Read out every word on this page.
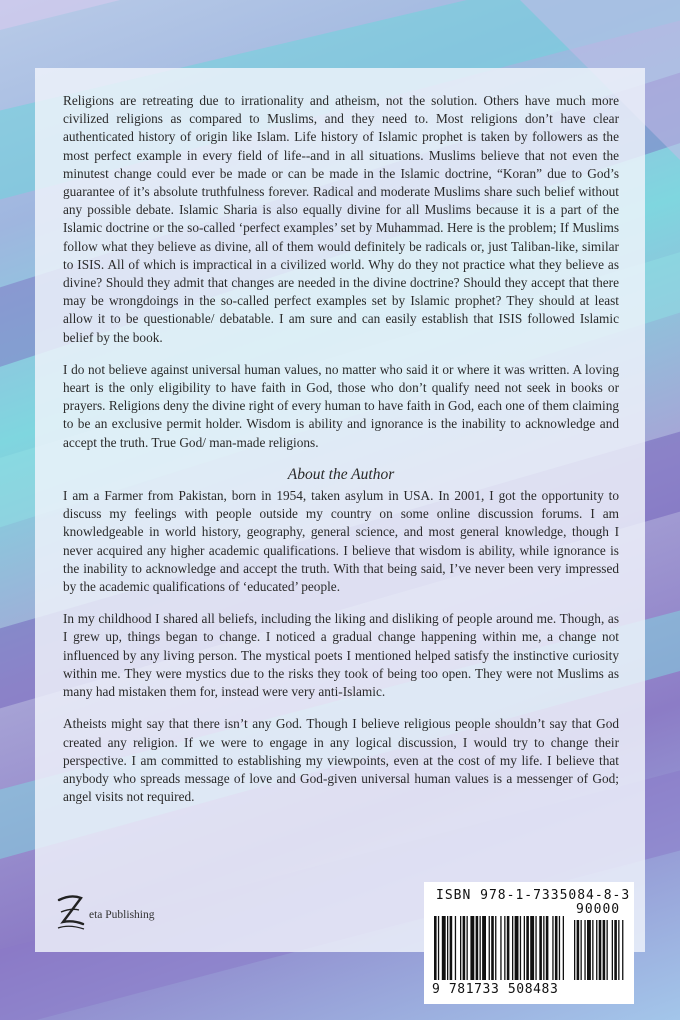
Religions are retreating due to irrationality and atheism, not the solution. Others have much more civilized religions as compared to Muslims, and they need to. Most religions don’t have clear authenticated history of origin like Islam. Life history of Islamic prophet is taken by followers as the most perfect example in every field of life--and in all situations. Muslims believe that not even the minutest change could ever be made or can be made in the Islamic doctrine, “Koran” due to God’s guarantee of it’s absolute truthfulness forever. Radical and moderate Muslims share such belief without any possible debate. Islamic Sharia is also equally divine for all Muslims because it is a part of the Islamic doctrine or the so-called ‘perfect examples’ set by Muhammad. Here is the problem; If Muslims follow what they believe as divine, all of them would definitely be radicals or, just Taliban-like, similar to ISIS. All of which is impractical in a civilized world. Why do they not practice what they believe as divine? Should they admit that changes are needed in the divine doctrine? Should they accept that there may be wrongdoings in the so-called perfect examples set by Islamic prophet? They should at least allow it to be questionable/ debatable. I am sure and can easily establish that ISIS followed Islamic belief by the book.

I do not believe against universal human values, no matter who said it or where it was written. A loving heart is the only eligibility to have faith in God, those who don’t qualify need not seek in books or prayers. Religions deny the divine right of every human to have faith in God, each one of them claiming to be an exclusive permit holder. Wisdom is ability and ignorance is the inability to acknowledge and accept the truth. True God/ man-made religions.

About the Author

I am a Farmer from Pakistan, born in 1954, taken asylum in USA. In 2001, I got the opportunity to discuss my feelings with people outside my country on some online discussion forums. I am knowledgeable in world history, geography, general science, and most general knowledge, though I never acquired any higher academic qualifications. I believe that wisdom is ability, while ignorance is the inability to acknowledge and accept the truth. With that being said, I’ve never been very impressed by the academic qualifications of ‘educated’ people.

In my childhood I shared all beliefs, including the liking and disliking of people around me. Though, as I grew up, things began to change. I noticed a gradual change happening within me, a change not influenced by any living person. The mystical poets I mentioned helped satisfy the instinctive curiosity within me. They were mystics due to the risks they took of being too open. They were not Muslims as many had mistaken them for, instead were very anti-Islamic.

Atheists might say that there isn’t any God. Though I believe religious people shouldn’t say that God created any religion. If we were to engage in any logical discussion, I would try to change their perspective. I am committed to establishing my viewpoints, even at the cost of my life. I believe that anybody who spreads message of love and God-given universal human values is a messenger of God; angel visits not required.

eta Publishing
ISBN 978-1-7335084-8-3
90000
9 781733 508483
